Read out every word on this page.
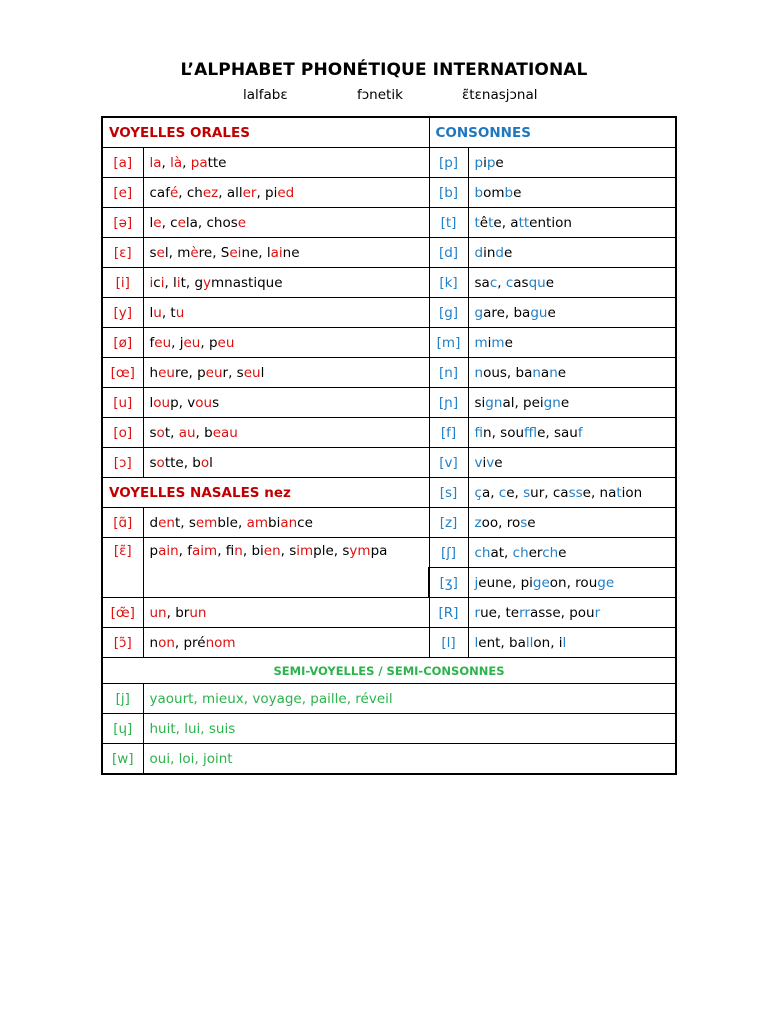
L’ALPHABET PHONÉTIQUE INTERNATIONAL
lalfabɛ	fɔnetik	ɛ̃tɛnasjɔnal
VOYELLES ORALES		CONSONNES	
[a]	la, là, patte	[p]	pipe
[e]	café, chez, aller, pied	[b]	bombe
[ə]	le, cela, chose	[t]	tête, attention
[ɛ]	sel, mère, Seine, laine	[d]	dinde
[i]	ici, lit, gymnastique	[k]	sac, casque
[y]	lu, tu	[g]	gare, bague
[ø]	feu, jeu, peu	[m]	mime
[œ]	heure, peur, seul	[n]	nous, banane
[u]	loup, vous	[ɲ]	signal, peigne
[o]	sot, au, beau	[f]	fin, souffle, sauf
[ɔ]	sotte, bol	[v]	vive
VOYELLES NASALES nez		[s]	ça, ce, sur, casse, nation
[ɑ̃]	dent, semble, ambiance	[z]	zoo, rose
[ɛ̃]	pain, faim, fin, bien, simple, sympa	[ʃ]	chat, cherche
		[ʒ]	jeune, pigeon, rouge
[œ̃]	un, brun	[R]	rue, terrasse, pour
[ɔ̃]	non, prénom	[l]	lent, ballon, il
SEMI-VOYELLES / SEMI-CONSONNES			
[j]	yaourt, mieux, voyage, paille, réveil		
[ɥ]	huit, lui, suis		
[w]	oui, loi, joint		
